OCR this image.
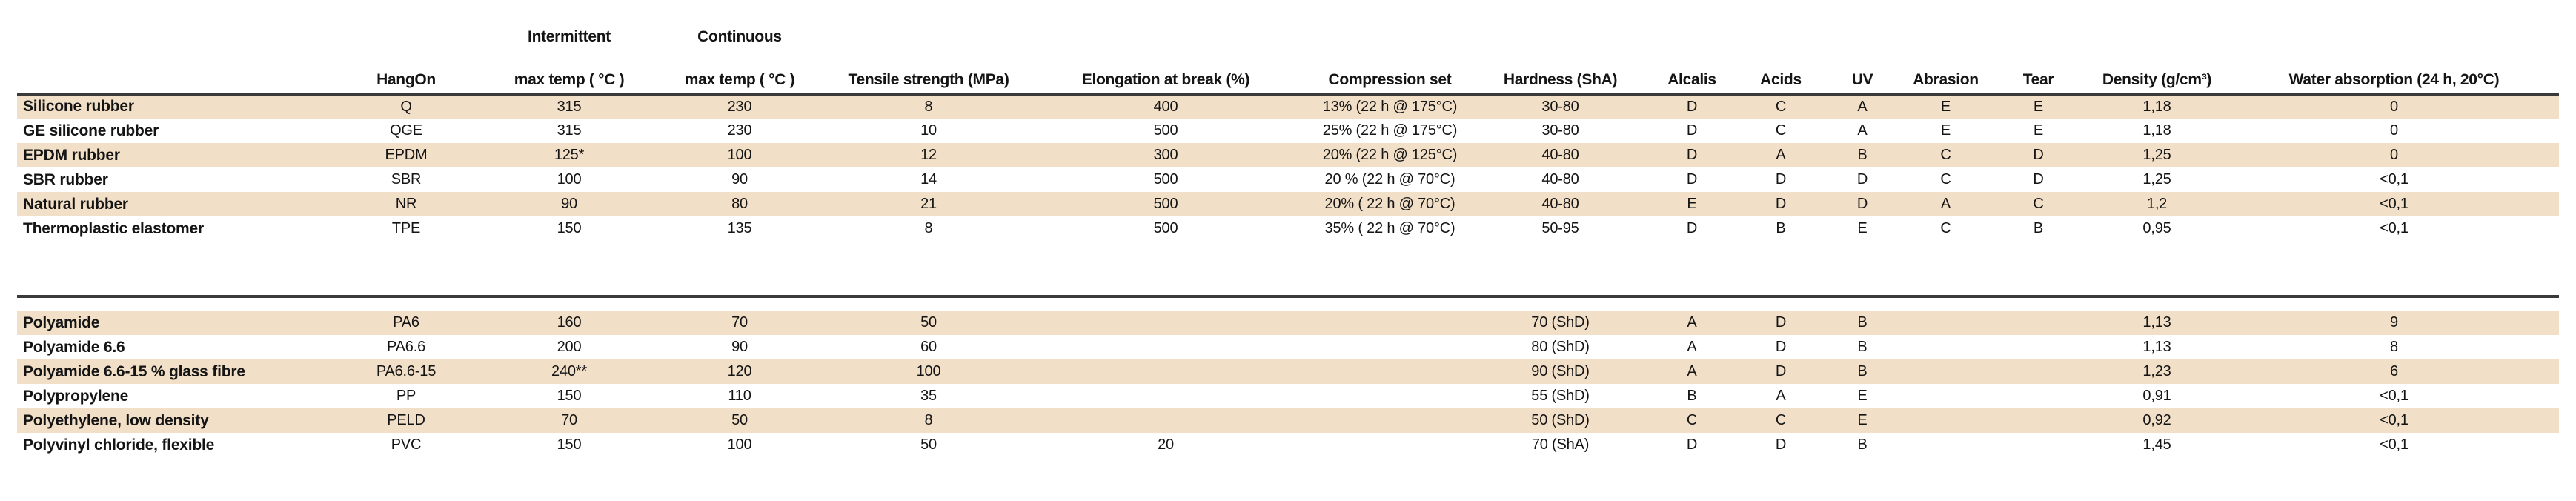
		Intermittent	Continuous											
	HangOn	max temp ( °C )	max temp ( °C )	Tensile strength (MPa)	Elongation at break (%)	Compression set	Hardness (ShA)	Alcalis	Acids	UV	Abrasion	Tear	Density (g/cm³)	Water absorption (24 h, 20°C)
Silicone rubber	Q	315	230	8	400	13% (22 h @ 175°C)	30-80	D	C	A	E	E	1,18	0
GE silicone rubber	QGE	315	230	10	500	25% (22 h @ 175°C)	30-80	D	C	A	E	E	1,18	0
EPDM rubber	EPDM	125*	100	12	300	20% (22 h @ 125°C)	40-80	D	A	B	C	D	1,25	0
SBR rubber	SBR	100	90	14	500	20 % (22 h @ 70°C)	40-80	D	D	D	C	D	1,25	<0,1
Natural rubber	NR	90	80	21	500	20% ( 22 h @ 70°C)	40-80	E	D	D	A	C	1,2	<0,1
Thermoplastic elastomer	TPE	150	135	8	500	35% ( 22 h @ 70°C)	50-95	D	B	E	C	B	0,95	<0,1

Polyamide	PA6	160	70	50			70 (ShD)	A	D	B			1,13	9
Polyamide 6.6	PA6.6	200	90	60			80 (ShD)	A	D	B			1,13	8
Polyamide 6.6-15 % glass fibre	PA6.6-15	240**	120	100			90 (ShD)	A	D	B			1,23	6
Polypropylene	PP	150	110	35			55 (ShD)	B	A	E			0,91	<0,1
Polyethylene, low density	PELD	70	50	8			50 (ShD)	C	C	E			0,92	<0,1
Polyvinyl chloride, flexible	PVC	150	100	50	20		70 (ShA)	D	D	B			1,45	<0,1
